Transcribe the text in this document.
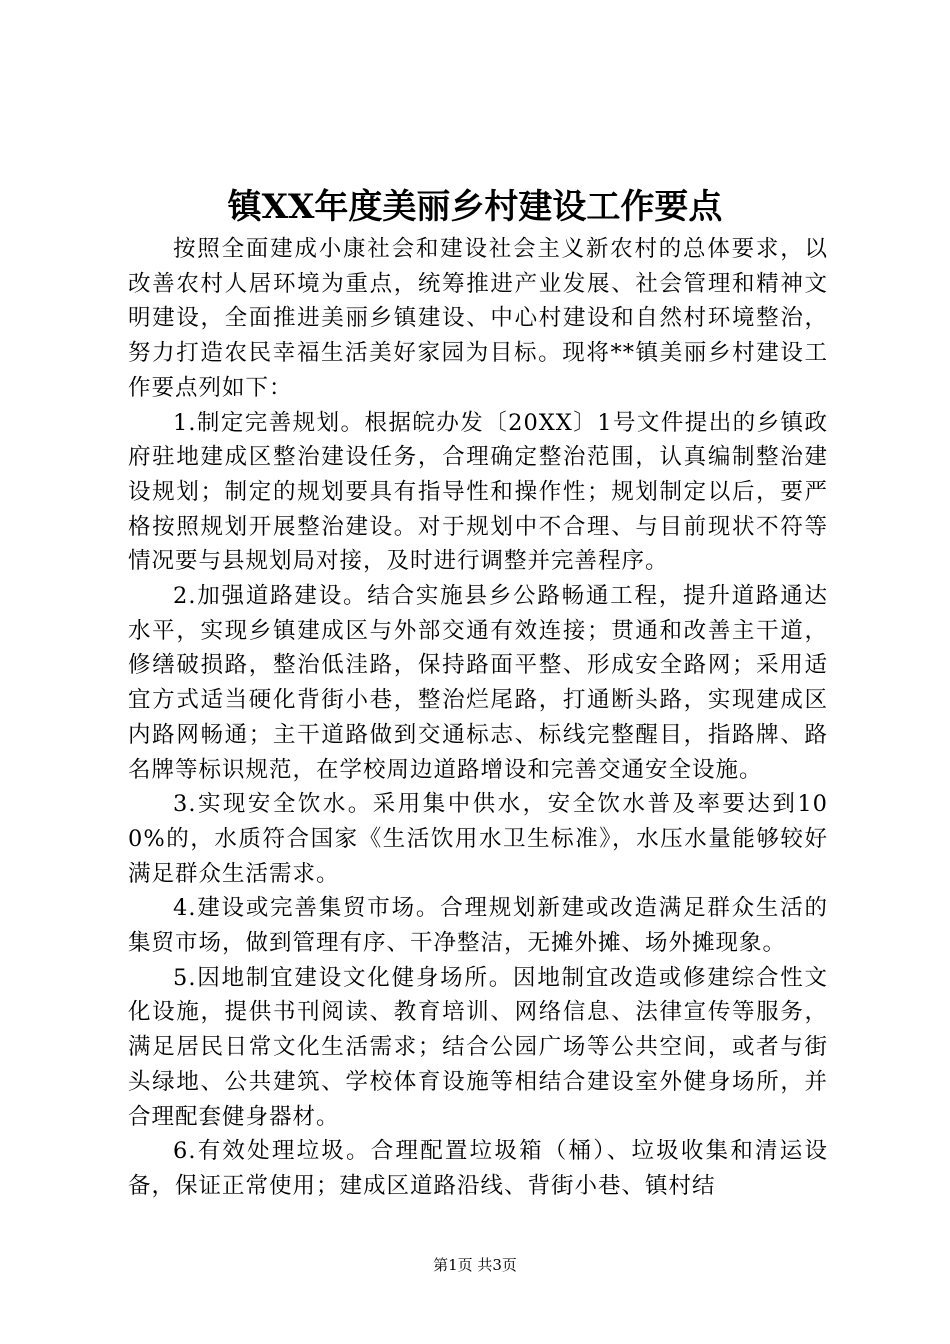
镇XX年度美丽乡村建设工作要点

按照全面建成小康社会和建设社会主义新农村的总体要求，以改善农村人居环境为重点，统筹推进产业发展、社会管理和精神文明建设，全面推进美丽乡镇建设、中心村建设和自然村环境整治，努力打造农民幸福生活美好家园为目标。现将**镇美丽乡村建设工作要点列如下：

1.制定完善规划。根据皖办发〔20XX〕1号文件提出的乡镇政府驻地建成区整治建设任务，合理确定整治范围，认真编制整治建设规划；制定的规划要具有指导性和操作性；规划制定以后，要严格按照规划开展整治建设。对于规划中不合理、与目前现状不符等情况要与县规划局对接，及时进行调整并完善程序。

2.加强道路建设。结合实施县乡公路畅通工程，提升道路通达水平，实现乡镇建成区与外部交通有效连接；贯通和改善主干道，修缮破损路，整治低洼路，保持路面平整、形成安全路网；采用适宜方式适当硬化背街小巷，整治烂尾路，打通断头路，实现建成区内路网畅通；主干道路做到交通标志、标线完整醒目，指路牌、路名牌等标识规范，在学校周边道路增设和完善交通安全设施。

3.实现安全饮水。采用集中供水，安全饮水普及率要达到100%的，水质符合国家《生活饮用水卫生标准》，水压水量能够较好满足群众生活需求。

4.建设或完善集贸市场。合理规划新建或改造满足群众生活的集贸市场，做到管理有序、干净整洁，无摊外摊、场外摊现象。

5.因地制宜建设文化健身场所。因地制宜改造或修建综合性文化设施，提供书刊阅读、教育培训、网络信息、法律宣传等服务，满足居民日常文化生活需求；结合公园广场等公共空间，或者与街头绿地、公共建筑、学校体育设施等相结合建设室外健身场所，并合理配套健身器材。

6.有效处理垃圾。合理配置垃圾箱（桶）、垃圾收集和清运设备，保证正常使用；建成区道路沿线、背街小巷、镇村结

第1页 共3页
